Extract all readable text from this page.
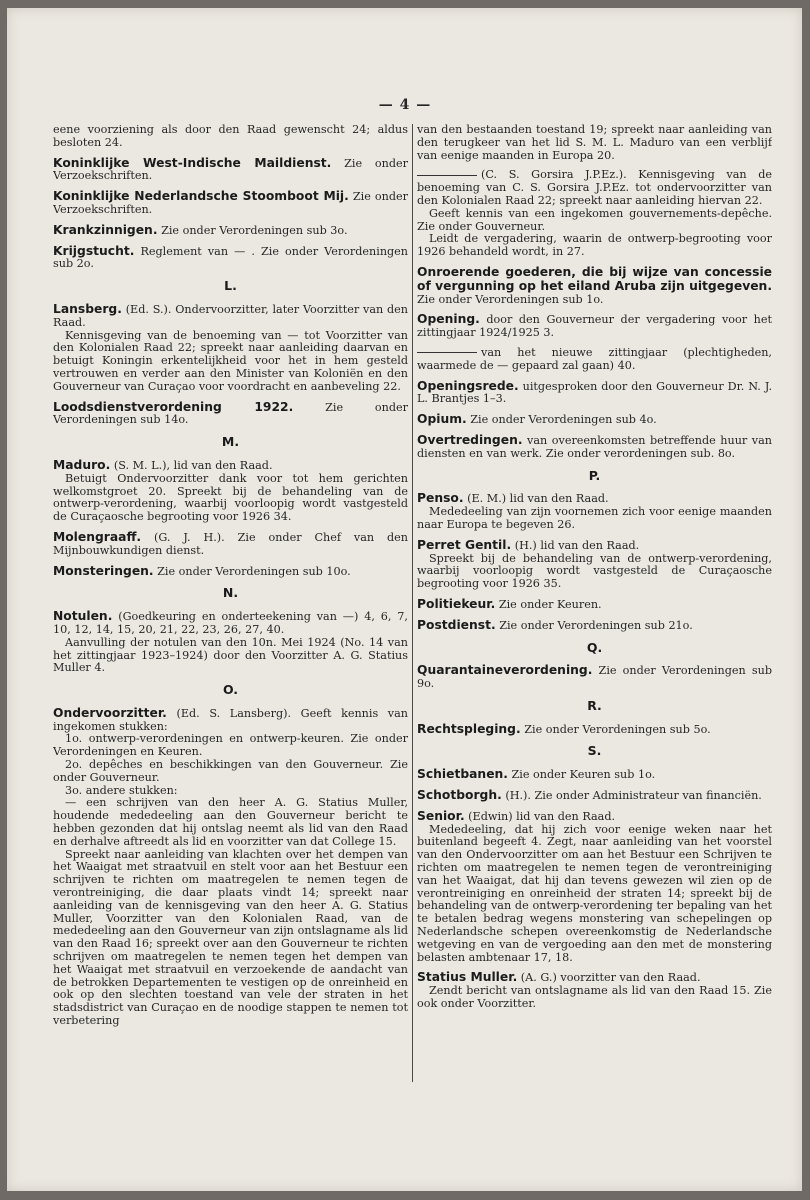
— 4 —

eene voorziening als door den Raad gewenscht 24; aldus besloten 24.

Koninklijke West-Indische Maildienst . Zie onder Verzoekschriften.

Koninklijke Nederlandsche Stoomboot Mij . Zie onder Verzoekschriften.

Krankzinnigen . Zie onder Verordeningen sub 3o.

Krijgstucht . Reglement van — . Zie onder Verordeningen sub 2o.

L.

Lansberg . (Ed. S.). Ondervoorzitter, later Voorzitter van den Raad.

Kennisgeving van de benoeming van — tot Voorzitter van den Kolonialen Raad 22; spreekt naar aanleiding daarvan en betuigt Koningin erkentelijkheid voor het in hem gesteld vertrouwen en verder aan den Minister van Koloniën en den Gouverneur van Curaçao voor voordracht en aanbeveling 22.

Loodsdienstverordening 1922 .	Zie onder Verordeningen sub 14o.

M.

Maduro . (S. M. L.), lid van den Raad.

Betuigt Ondervoorzitter dank voor tot hem gerichten welkomstgroet 20. Spreekt bij de behandeling van de ontwerp-verordening, waarbij voorloopig wordt vastgesteld de Curaçaosche begrooting voor 1926 34.

Molengraaff . (G. J. H.). Zie onder Chef van den Mijnbouwkundigen dienst.

Monsteringen . Zie onder Verordeningen sub 10o.

N.

Notulen . (Goedkeuring en onderteekening van —) 4, 6, 7, 10, 12, 14, 15, 20, 21, 22, 23, 26, 27, 40.

Aanvulling der notulen van den 10n. Mei 1924 (No. 14 van het zittingjaar 1923–1924) door den Voorzitter A. G. Statius Muller 4.

O.

Ondervoorzitter . (Ed. S. Lansberg). Geeft kennis van ingekomen stukken:

1o. ontwerp-verordeningen en ontwerp-keuren. Zie onder Verordeningen en Keuren.

2o. depêches en beschikkingen van den Gouverneur. Zie onder Gouverneur.

3o. andere stukken:

— een schrijven van den heer A. G. Statius Muller, houdende mededeeling aan den Gouverneur bericht te hebben gezonden dat hij ontslag neemt als lid van den Raad en derhalve aftreedt als lid en voorzitter van dat College 15.

Spreekt naar aanleiding van klachten over het dempen van het Waaigat met straatvuil en stelt voor aan het Bestuur een schrijven te richten om maatregelen te nemen tegen de verontreiniging, die daar plaats vindt 14; spreekt naar aanleiding van de kennisgeving van den heer A. G. Statius Muller, Voorzitter van den Kolonialen Raad, van de mededeeling aan den Gouverneur van zijn ontslagname als lid van den Raad 16; spreekt over aan den Gouverneur te richten schrijven om maatregelen te nemen tegen het dempen van het Waaigat met straatvuil en verzoekende de aandacht van de betrokken Departementen te vestigen op de onreinheid en ook op den slechten toestand van vele der straten in het stadsdistrict van Curaçao en de noodige stappen te nemen tot verbetering

van den bestaanden toestand 19; spreekt naar aanleiding van den terugkeer van het lid S. M. L. Maduro van een verblijf van eenige maanden in Europa 20.

(C. S. Gorsira J.P.Ez.). Kennisgeving van de benoeming van C. S. Gorsira J.P.Ez. tot ondervoorzitter van den Kolonialen Raad 22; spreekt naar aanleiding hiervan 22.

Geeft kennis van een ingekomen gouvernements-depêche. Zie onder Gouverneur.

Leidt de vergadering, waarin de ontwerp-begrooting voor 1926 behandeld wordt, in 27.

Onroerende goederen, die bij wijze van concessie of vergunning op het eiland Aruba zijn uitgegeven . Zie onder Verordeningen sub 1o.

Opening . door den Gouverneur der vergadering voor het zittingjaar 1924/1925 3.

van het nieuwe zittingjaar (plechtigheden, waarmede de — gepaard zal gaan) 40.

Openingsrede . uitgesproken door den Gouverneur Dr. N. J. L. Brantjes 1–3.

Opium . Zie onder Verordeningen sub 4o.

Overtredingen . van overeenkomsten betreffende huur van diensten en van werk. Zie onder verordeningen sub. 8o.

P.

Penso . (E. M.) lid van den Raad.

Mededeeling van zijn voornemen zich voor eenige maanden naar Europa te begeven 26.

Perret Gentil . (H.) lid van den Raad.

Spreekt bij de behandeling van de ontwerp-verordening, waarbij voorloopig wordt vastgesteld de Curaçaosche begrooting voor 1926 35.

Politiekeur . Zie onder Keuren.

Postdienst . Zie onder Verordeningen sub 21o.

Q.

Quarantaineverordening . Zie onder Verordeningen sub 9o.

R.

Rechtspleging . Zie onder Verordeningen sub 5o.

S.

Schietbanen . Zie onder Keuren sub 1o.

Schotborgh . (H.). Zie onder Administrateur van financiën.

Senior . (Edwin) lid van den Raad.

Mededeeling, dat hij zich voor eenige weken naar het buitenland begeeft 4. Zegt, naar aanleiding van het voorstel van den Ondervoorzitter om aan het Bestuur een Schrijven te richten om maatregelen te nemen tegen de verontreiniging van het Waaigat, dat hij dan tevens gewezen wil zien op de verontreiniging en onreinheid der straten 14; spreekt bij de behandeling van de ontwerp-verordening ter bepaling van het te betalen bedrag wegens monstering van schepelingen op Nederlandsche schepen overeenkomstig de Nederlandsche wetgeving en van de vergoeding aan den met de monstering belasten ambtenaar 17, 18.

Statius Muller . (A. G.) voorzitter van den Raad.

Zendt bericht van ontslagname als lid van den Raad 15. Zie ook onder Voorzitter.
